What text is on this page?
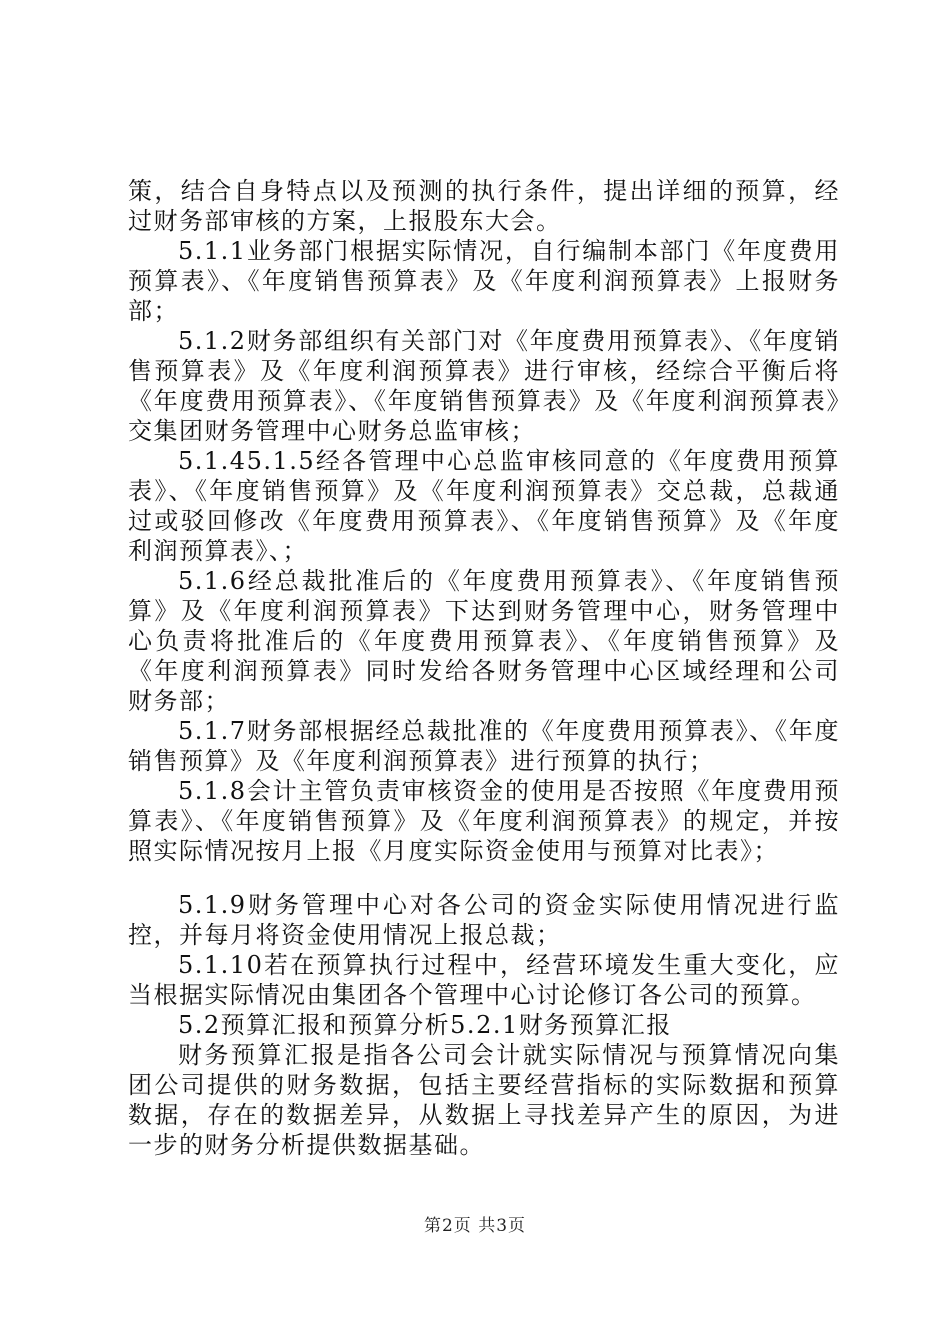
策，结合自身特点以及预测的执行条件，提出详细的预算，经过财务部审核的方案，上报股东大会。

5.1.1业务部门根据实际情况，自行编制本部门《年度费用预算表》、《年度销售预算表》及《年度利润预算表》上报财务部；

5.1.2财务部组织有关部门对《年度费用预算表》、《年度销售预算表》及《年度利润预算表》进行审核，经综合平衡后将《年度费用预算表》、《年度销售预算表》及《年度利润预算表》交集团财务管理中心财务总监审核；

5.1.45.1.5经各管理中心总监审核同意的《年度费用预算表》、《年度销售预算》及《年度利润预算表》交总裁，总裁通过或驳回修改《年度费用预算表》、《年度销售预算》及《年度利润预算表》、；

5.1.6经总裁批准后的《年度费用预算表》、《年度销售预算》及《年度利润预算表》下达到财务管理中心，财务管理中心负责将批准后的《年度费用预算表》、《年度销售预算》及《年度利润预算表》同时发给各财务管理中心区域经理和公司财务部；

5.1.7财务部根据经总裁批准的《年度费用预算表》、《年度销售预算》及《年度利润预算表》进行预算的执行；

5.1.8会计主管负责审核资金的使用是否按照《年度费用预算表》、《年度销售预算》及《年度利润预算表》的规定，并按照实际情况按月上报《月度实际资金使用与预算对比表》；

5.1.9财务管理中心对各公司的资金实际使用情况进行监控，并每月将资金使用情况上报总裁；

5.1.10若在预算执行过程中，经营环境发生重大变化，应当根据实际情况由集团各个管理中心讨论修订各公司的预算。

5.2预算汇报和预算分析5.2.1财务预算汇报

财务预算汇报是指各公司会计就实际情况与预算情况向集团公司提供的财务数据，包括主要经营指标的实际数据和预算数据，存在的数据差异，从数据上寻找差异产生的原因，为进一步的财务分析提供数据基础。

第2页 共3页
